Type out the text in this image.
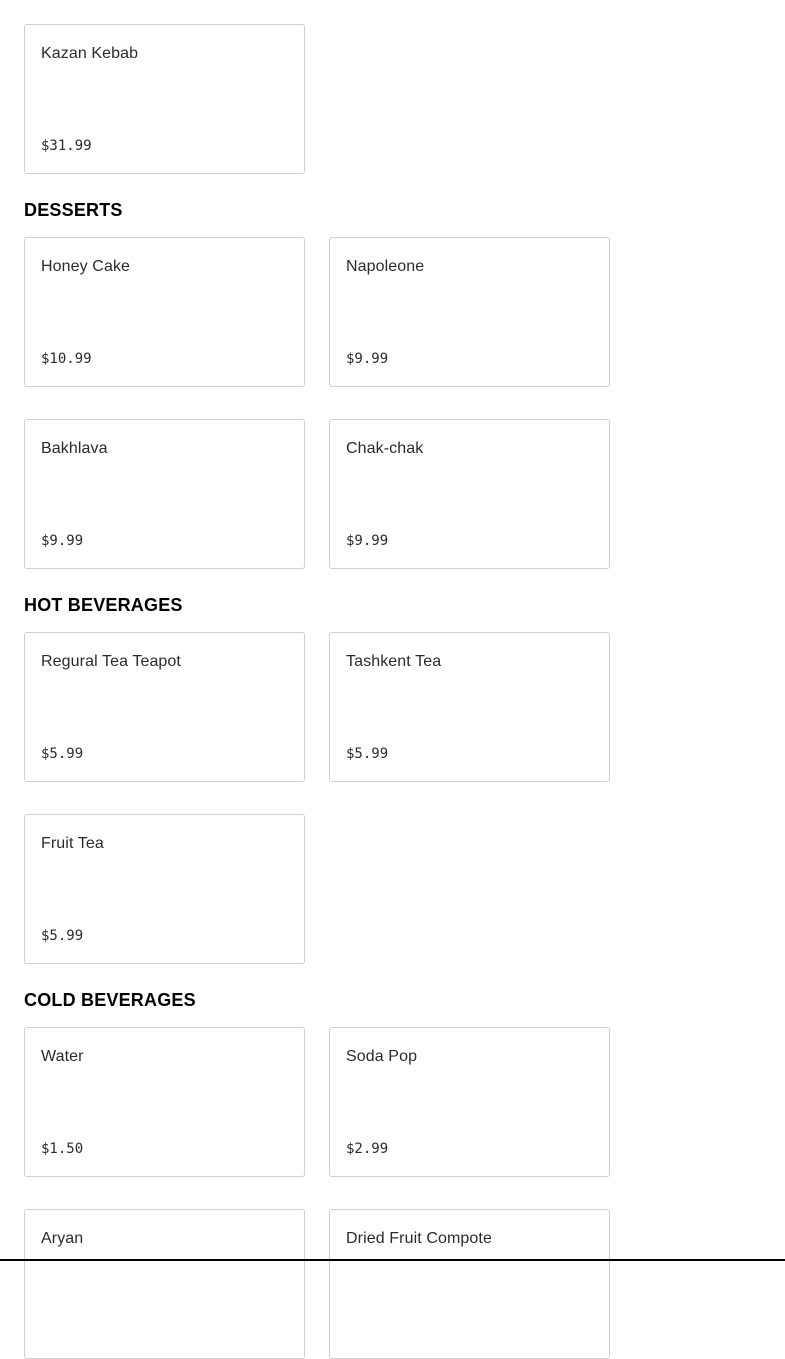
Kazan Kebab
$31.99
DESSERTS
Honey Cake
$10.99
Napoleone
$9.99
Bakhlava
$9.99
Chak-chak
$9.99
HOT BEVERAGES
Regural Tea Teapot
$5.99
Tashkent Tea
$5.99
Fruit Tea
$5.99
COLD BEVERAGES
Water
$1.50
Soda Pop
$2.99
Aryan	Dried Fruit Compote
